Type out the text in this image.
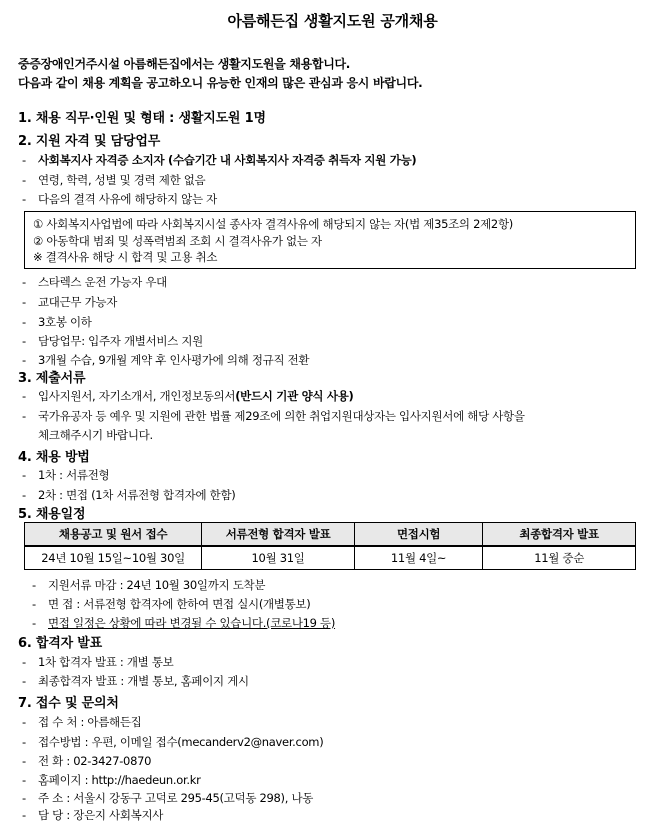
아름해든집 생활지도원 공개채용
중증장애인거주시설 아름해든집에서는 생활지도원을 채용합니다.
다음과 같이 채용 계획을 공고하오니 유능한 인재의 많은 관심과 응시 바랍니다.
1. 채용 직무·인원 및 형태 : 생활지도원 1명
2. 지원 자격 및 담당업무
- 사회복지사 자격증 소지자 (수습기간 내 사회복지사 자격증 취득자 지원 가능)
- 연령, 학력, 성별 및 경력 제한 없음
- 다음의 결격 사유에 해당하지 않는 자
① 사회복지사업법에 따라 사회복지시설 종사자 결격사유에 해당되지 않는 자(법 제35조의 2제2항)
② 아동학대 범죄 및 성폭력범죄 조회 시 결격사유가 없는 자
※ 결격사유 해당 시 합격 및 고용 취소
- 스타렉스 운전 가능자 우대
- 교대근무 가능자
- 3호봉 이하
- 담당업무: 입주자 개별서비스 지원
- 3개월 수습, 9개월 계약 후 인사평가에 의해 정규직 전환
3. 제출서류
- 입사지원서, 자기소개서, 개인정보동의서(반드시 기관 양식 사용)
- 국가유공자 등 예우 및 지원에 관한 법률 제29조에 의한 취업지원대상자는 입사지원서에 해당 사항을
체크해주시기 바랍니다.
4. 채용 방법
- 1차 : 서류전형
- 2차 : 면접 (1차 서류전형 합격자에 한함)
5. 채용일정
채용공고 및 원서 접수	서류전형 합격자 발표	면접시험	최종합격자 발표
24년 10월 15일~10월 30일	10월 31일	11월 4일~	11월 중순
- 지원서류 마감 : 24년 10월 30일까지 도착분
- 면 접 : 서류전형 합격자에 한하여 면접 실시(개별통보)
- 면접 일정은 상황에 따라 변경될 수 있습니다.(코로나19 등)
6. 합격자 발표
- 1차 합격자 발표 : 개별 통보
- 최종합격자 발표 : 개별 통보, 홈페이지 게시
7. 접수 및 문의처
- 접 수 처 : 아름해든집
- 접수방법 : 우편, 이메일 접수(mecanderv2@naver.com)
- 전 화 : 02-3427-0870
- 홈페이지 : http://haedeun.or.kr
- 주 소 : 서울시 강동구 고덕로 295-45(고덕동 298), 나동
- 담 당 : 장은지 사회복지사
